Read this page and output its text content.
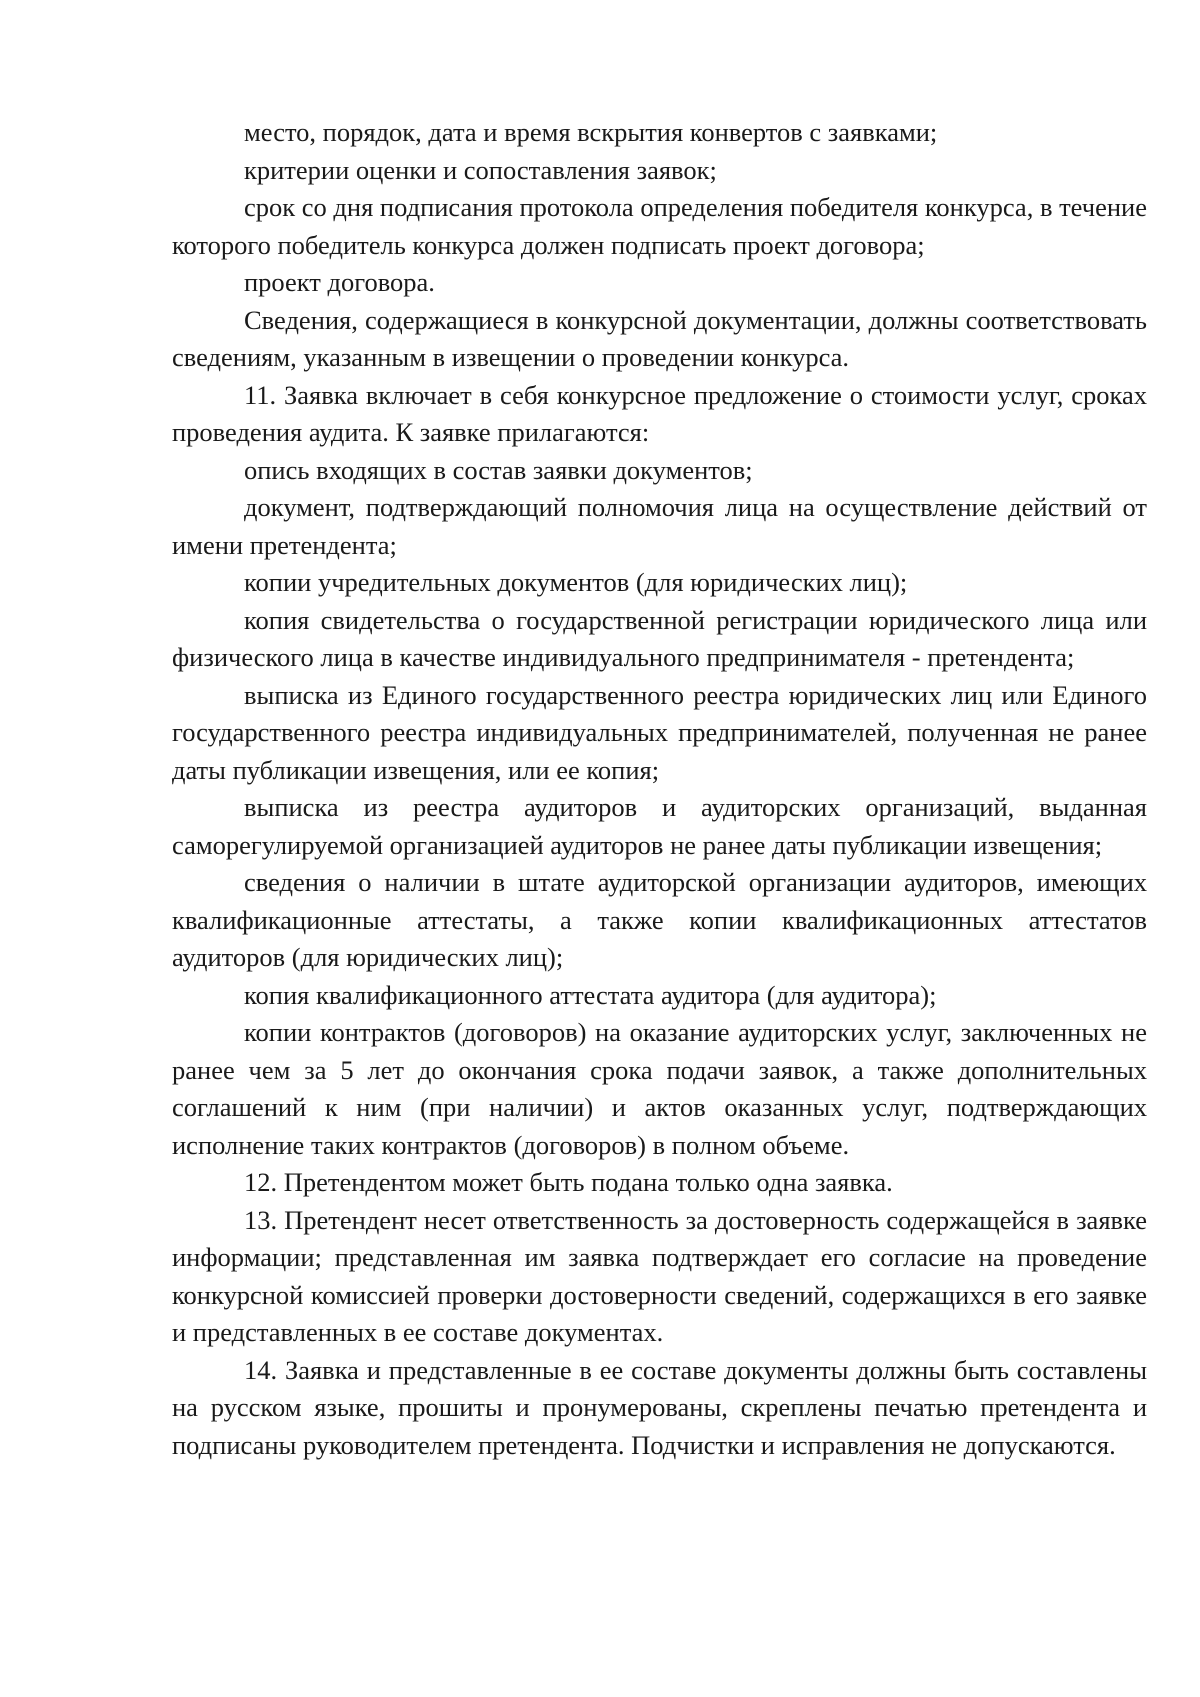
место, порядок, дата и время вскрытия конвертов с заявками;

критерии оценки и сопоставления заявок;

срок со дня подписания протокола определения победителя конкурса, в течение которого победитель конкурса должен подписать проект договора;

проект договора.

Сведения, содержащиеся в конкурсной документации, должны соответствовать сведениям, указанным в извещении о проведении конкурса.

11. Заявка включает в себя конкурсное предложение о стоимости услуг, сроках проведения аудита. К заявке прилагаются:

опись входящих в состав заявки документов;

документ, подтверждающий полномочия лица на осуществление действий от имени претендента;

копии учредительных документов (для юридических лиц);

копия свидетельства о государственной регистрации юридического лица или физического лица в качестве индивидуального предпринимателя - претендента;

выписка из Единого государственного реестра юридических лиц или Единого государственного реестра индивидуальных предпринимателей, полученная не ранее даты публикации извещения, или ее копия;

выписка из реестра аудиторов и аудиторских организаций, выданная саморегулируемой организацией аудиторов не ранее даты публикации извещения;

сведения о наличии в штате аудиторской организации аудиторов, имеющих квалификационные аттестаты, а также копии квалификационных аттестатов аудиторов (для юридических лиц);

копия квалификационного аттестата аудитора (для аудитора);

копии контрактов (договоров) на оказание аудиторских услуг, заключенных не ранее чем за 5 лет до окончания срока подачи заявок, а также дополнительных соглашений к ним (при наличии) и актов оказанных услуг, подтверждающих исполнение таких контрактов (договоров) в полном объеме.

12. Претендентом может быть подана только одна заявка.

13. Претендент несет ответственность за достоверность содержащейся в заявке информации; представленная им заявка подтверждает его согласие на проведение конкурсной комиссией проверки достоверности сведений, содержащихся в его заявке и представленных в ее составе документах.

14. Заявка и представленные в ее составе документы должны быть составлены на русском языке, прошиты и пронумерованы, скреплены печатью претендента и подписаны руководителем претендента. Подчистки и исправления не допускаются.
